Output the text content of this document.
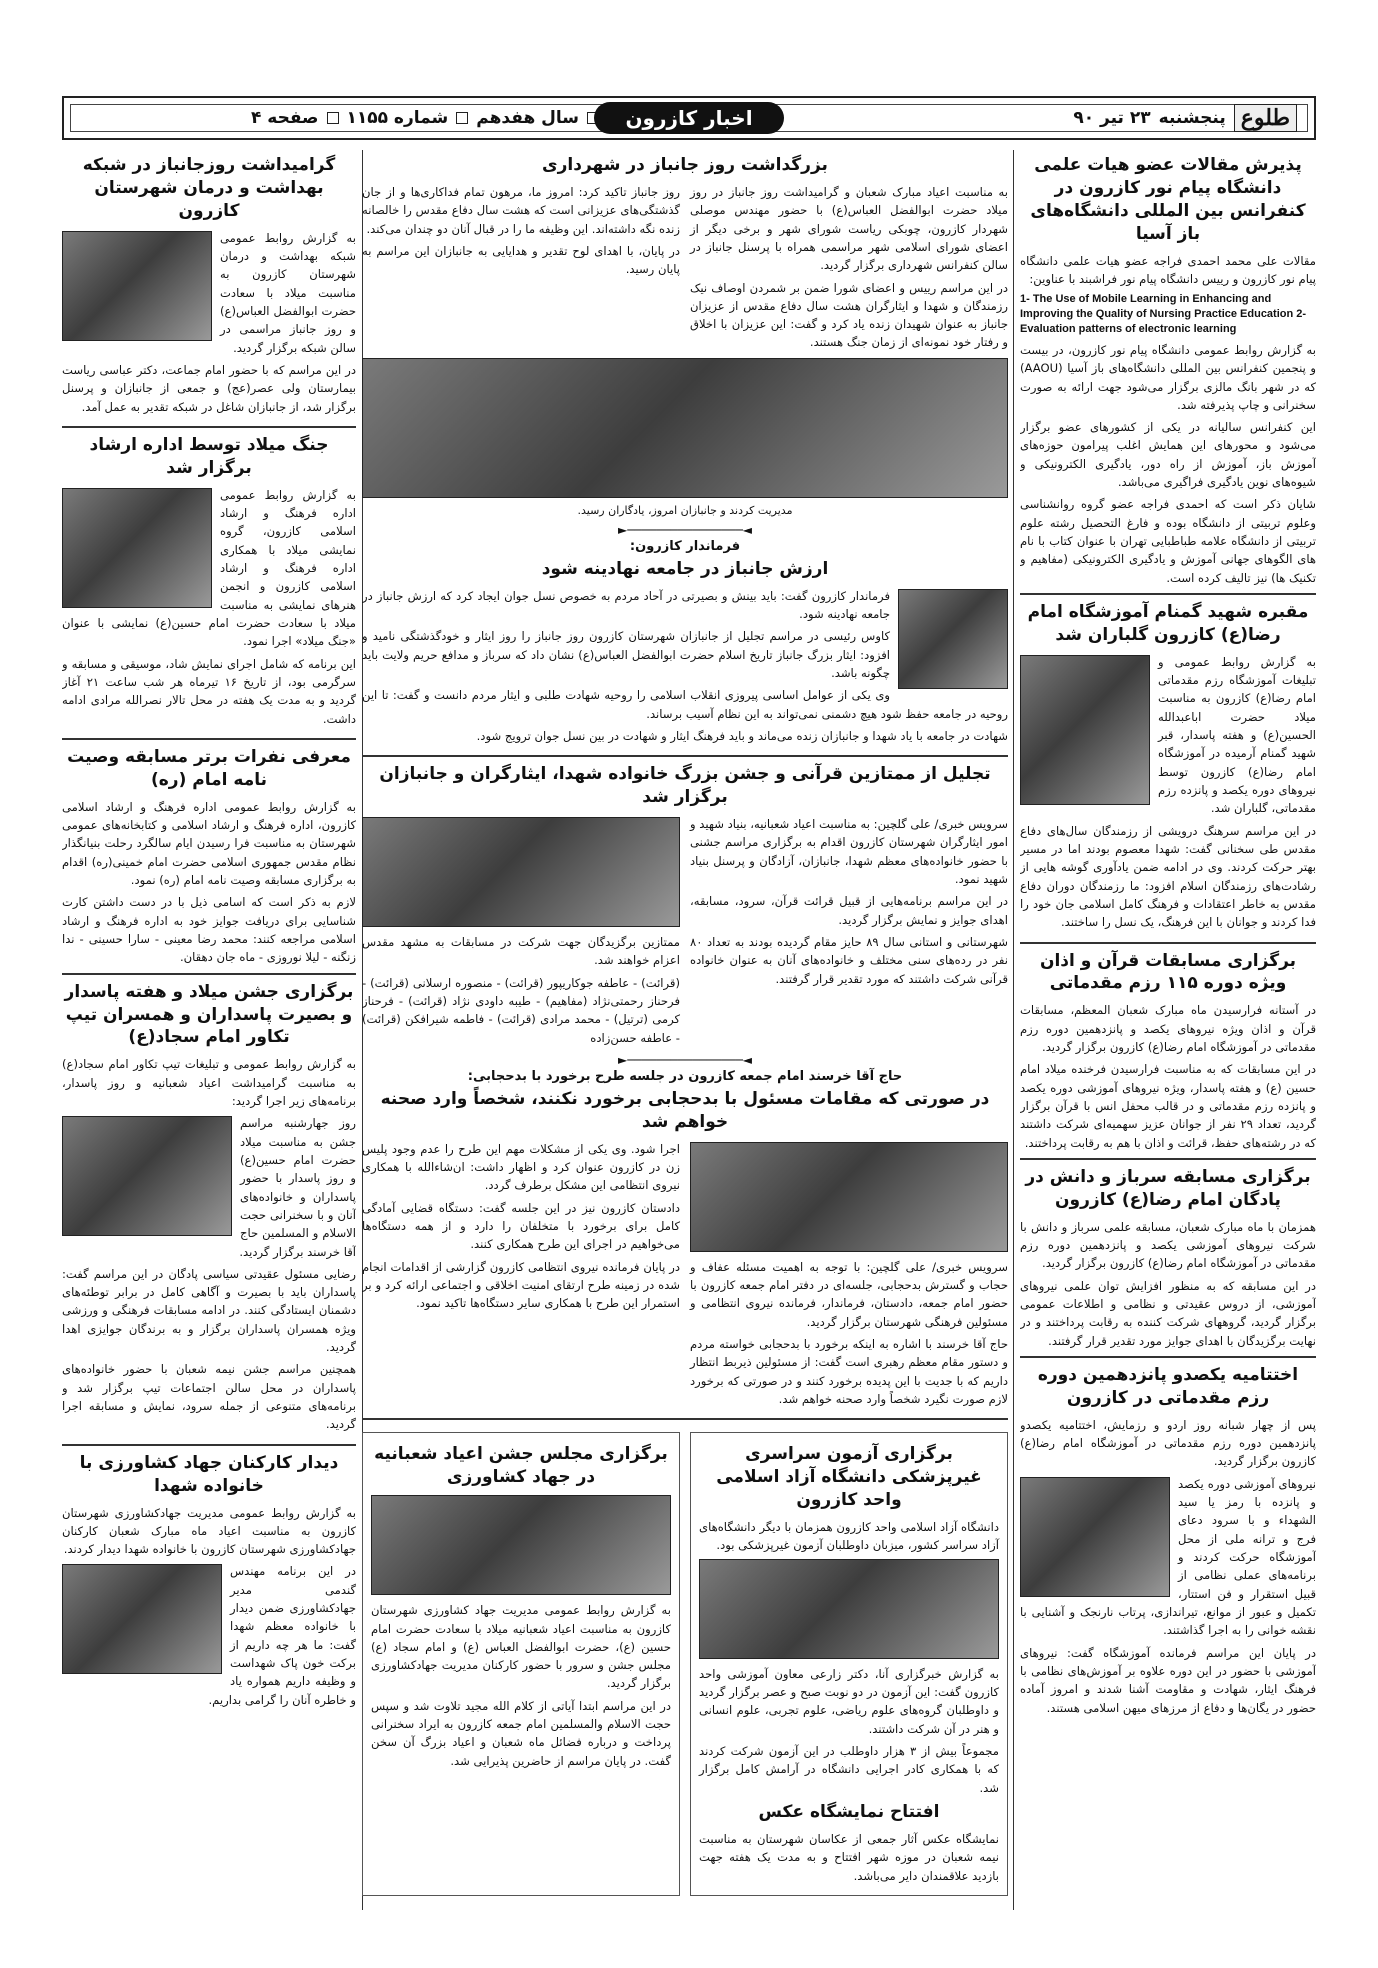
طلوع
پنجشنبه
۲۳ تیر ۹۰
سال هفدهم
شماره ۱۱۵۵
صفحه ۴	اخبار کازرون
پذیرش مقالات عضو هیات علمی دانشگاه پیام نور کازرون در کنفرانس بین المللی دانشگاه‌های باز آسیا

مقالات علی محمد احمدی فراجه عضو هیات علمی دانشگاه پیام نور کازرون و رییس دانشگاه پیام نور فراشبند با عناوین:

1- The Use of Mobile Learning in Enhancing and Improving the Quality of Nursing Practice Education 2-Evaluation patterns of electronic learning

به گزارش روابط عمومی دانشگاه پیام نور کازرون، در بیست و پنجمین کنفرانس بین المللی دانشگاه‌های باز آسیا (AAOU) که در شهر بانگ مالزی برگزار می‌شود جهت ارائه به صورت سخنرانی و چاپ پذیرفته شد.

این کنفرانس سالیانه در یکی از کشورهای عضو برگزار می‌شود و محورهای این همایش اغلب پیرامون حوزه‌های آموزش باز، آموزش از راه دور، یادگیری الکترونیکی و شیوه‌های نوین یادگیری فراگیری می‌باشد.

شایان ذکر است که احمدی فراجه عضو گروه روانشناسی وعلوم تربیتی از دانشگاه بوده و فارغ التحصیل رشته علوم تربیتی از دانشگاه علامه طباطبایی تهران با عنوان کتاب با نام های الگوهای جهانی آموزش و یادگیری الکترونیکی (مفاهیم و تکنیک ها) نیز تالیف کرده است.

مقبره شهید گمنام آموزشگاه امام رضا(ع) کازرون گلباران شد

به گزارش روابط عمومی و تبلیغات آموزشگاه رزم مقدماتی امام رضا(ع) کازرون به مناسبت میلاد حضرت اباعبدالله الحسین(ع) و هفته پاسدار، قبر شهید گمنام آرمیده در آموزشگاه امام رضا(ع) کازرون توسط نیروهای دوره یکصد و پانزده رزم مقدماتی، گلباران شد.

در این مراسم سرهنگ درویشی از رزمندگان سال‌های دفاع مقدس طی سخنانی گفت: شهدا معصوم بودند اما در مسیر بهتر حرکت کردند. وی در ادامه ضمن یادآوری گوشه هایی از رشادت‌های رزمندگان اسلام افزود: ما رزمندگان دوران دفاع مقدس به خاطر اعتقادات و فرهنگ کامل اسلامی جان خود را فدا کردند و جوانان با این فرهنگ، یک نسل را ساختند.

برگزاری مسابقات قرآن و اذان ویژه دوره ۱۱۵ رزم مقدماتی

در آستانه فرارسیدن ماه مبارک شعبان المعظم، مسابقات قرآن و اذان ویژه نیروهای یکصد و پانزدهمین دوره رزم مقدماتی در آموزشگاه امام رضا(ع) کازرون برگزار گردید.

در این مسابقات که به مناسبت فرارسیدن فرخنده میلاد امام حسین (ع) و هفته پاسدار، ویژه نیروهای آموزشی دوره یکصد و پانزده رزم مقدماتی و در قالب محفل انس با قرآن برگزار گردید، تعداد ۲۹ نفر از جوانان عزیز سهمیه‌ای شرکت داشتند که در رشته‌های حفظ، قرائت و اذان با هم به رقابت پرداختند.

برگزاری مسابقه سرباز و دانش در پادگان امام رضا(ع) کازرون

همزمان با ماه مبارک شعبان، مسابقه علمی سرباز و دانش با شرکت نیروهای آموزشی یکصد و پانزدهمین دوره رزم مقدماتی در آموزشگاه امام رضا(ع) کازرون برگزار گردید.

در این مسابقه که به منظور افزایش توان علمی نیروهای آموزشی، از دروس عقیدتی و نظامی و اطلاعات عمومی برگزار گردید، گروههای شرکت کننده به رقابت پرداختند و در نهایت برگزیدگان با اهدای جوایز مورد تقدیر قرار گرفتند.

اختتامیه یکصدو پانزدهمین دوره رزم مقدماتی در کازرون

پس از چهار شبانه روز اردو و رزمایش، اختتامیه یکصدو پانزدهمین دوره رزم مقدماتی در آموزشگاه امام رضا(ع) کازرون برگزار گردید.

نیروهای آموزشی دوره یکصد و پانزده با رمز یا سید الشهداء و با سرود دعای فرج و ترانه ملی از محل آموزشگاه حرکت کردند و برنامه‌های عملی نظامی از قبیل استقرار و فن استتار، تکمیل و عبور از موانع، تیراندازی، پرتاب نارنجک و آشنایی با نقشه خوانی را به اجرا گذاشتند.

در پایان این مراسم فرمانده آموزشگاه گفت: نیروهای آموزشی با حضور در این دوره علاوه بر آموزش‌های نظامی با فرهنگ ایثار، شهادت و مقاومت آشنا شدند و امروز آماده حضور در یگان‌ها و دفاع از مرزهای میهن اسلامی هستند.

بزرگداشت روز جانباز در شهرداری

به مناسبت اعیاد مبارک شعبان و گرامیداشت روز جانباز در روز میلاد حضرت ابوالفضل العباس(ع) با حضور مهندس موصلی شهردار کازرون، چوبکی ریاست شورای شهر و برخی دیگر از اعضای شورای اسلامی شهر مراسمی همراه با پرسنل جانباز در سالن کنفرانس شهرداری برگزار گردید.

در این مراسم رییس و اعضای شورا ضمن بر شمردن اوصاف نیک رزمندگان و شهدا و ایثارگران هشت سال دفاع مقدس از عزیزان جانباز به عنوان شهیدان زنده یاد کرد و گفت: این عزیزان با اخلاق و رفتار خود نمونه‌ای از زمان جنگ هستند.

روز جانباز تاکید کرد: امروز ما، مرهون تمام فداکاری‌ها و از جان گذشتگی‌های عزیزانی است که هشت سال دفاع مقدس را خالصانه زنده نگه داشته‌اند. این وظیفه ما را در قبال آنان دو چندان می‌کند.

در پایان، با اهدای لوح تقدیر و هدایایی به جانبازان این مراسم به پایان رسید.

مدیریت کردند و جانبازان امروز، یادگاران رسید.
◄────────────────►
فرماندار کازرون:
ارزش جانباز در جامعه نهادینه شود

فرماندار کازرون گفت: باید بینش و بصیرتی در آحاد مردم به خصوص نسل جوان ایجاد کرد که ارزش جانباز در جامعه نهادینه شود.

کاوس رئیسی در مراسم تجلیل از جانبازان شهرستان کازرون روز جانباز را روز ایثار و خودگذشتگی نامید و افزود: ایثار بزرگ جانباز تاریخ اسلام حضرت ابوالفضل العباس(ع) نشان داد که سرباز و مدافع حریم ولایت باید چگونه باشد.

وی یکی از عوامل اساسی پیروزی انقلاب اسلامی را روحیه شهادت طلبی و ایثار مردم دانست و گفت: تا این روحیه در جامعه حفظ شود هیچ دشمنی نمی‌تواند به این نظام آسیب برساند.

شهادت در جامعه با یاد شهدا و جانبازان زنده می‌ماند و باید فرهنگ ایثار و شهادت در بین نسل جوان ترویج شود.

تجلیل از ممتازین قرآنی و جشن بزرگ خانواده شهدا، ایثارگران و جانبازان برگزار شد

سرویس خبری/ علی گلچین: به مناسبت اعیاد شعبانیه، بنیاد شهید و امور ایثارگران شهرستان کازرون اقدام به برگزاری مراسم جشنی با حضور خانواده‌های معظم شهدا، جانبازان، آزادگان و پرسنل بنیاد شهید نمود.

در این مراسم برنامه‌هایی از قبیل قرائت قرآن، سرود، مسابقه، اهدای جوایز و نمایش برگزار گردید.

شهرستانی و استانی سال ۸۹ حایز مقام گردیده بودند به تعداد ۸۰ نفر در رده‌های سنی مختلف و خانواده‌های آنان به عنوان خانواده قرآنی شرکت داشتند که مورد تقدیر قرار گرفتند.

ممتازین برگزیدگان جهت شرکت در مسابقات به مشهد مقدس اعزام خواهند شد.

(قرائت) - عاطفه جوکاریپور (قرائت) - منصوره ارسلانی (قرائت) - فرحناز رحمتی‌نژاد (مفاهیم) - طیبه داودی نژاد (قرائت) - فرحناز کرمی (ترتیل) - محمد مرادی (قرائت) - فاطمه شیرافکن (قرائت) - عاطفه حسن‌زاده

◄────────────────►
حاج آقا خرسند امام جمعه کازرون در جلسه طرح برخورد با بدحجابی:
در صورتی که مقامات مسئول با بدحجابی برخورد نکنند، شخصاً وارد صحنه خواهم شد

سرویس خبری/ علی گلچین: با توجه به اهمیت مسئله عفاف و حجاب و گسترش بدحجابی، جلسه‌ای در دفتر امام جمعه کازرون با حضور امام جمعه، دادستان، فرماندار، فرمانده نیروی انتظامی و مسئولین فرهنگی شهرستان برگزار گردید.

حاج آقا خرسند با اشاره به اینکه برخورد با بدحجابی خواسته مردم و دستور مقام معظم رهبری است گفت: از مسئولین ذیربط انتظار داریم که با جدیت با این پدیده برخورد کنند و در صورتی که برخورد لازم صورت نگیرد شخصاً وارد صحنه خواهم شد.

اجرا شود. وی یکی از مشکلات مهم این طرح را عدم وجود پلیس زن در کازرون عنوان کرد و اظهار داشت: ان‌شاءالله با همکاری نیروی انتظامی این مشکل برطرف گردد.

دادستان کازرون نیز در این جلسه گفت: دستگاه قضایی آمادگی کامل برای برخورد با متخلفان را دارد و از همه دستگاه‌ها می‌خواهیم در اجرای این طرح همکاری کنند.

در پایان فرمانده نیروی انتظامی کازرون گزارشی از اقدامات انجام شده در زمینه طرح ارتقای امنیت اخلاقی و اجتماعی ارائه کرد و بر استمرار این طرح با همکاری سایر دستگاه‌ها تاکید نمود.

برگزاری آزمون سراسری غیرپزشکی دانشگاه آزاد اسلامی واحد کازرون

دانشگاه آزاد اسلامی واحد کازرون همزمان با دیگر دانشگاه‌های آزاد سراسر کشور، میزبان داوطلبان آزمون غیرپزشکی بود.

به گزارش خبرگزاری آنا، دکتر زارعی معاون آموزشی واحد کازرون گفت: این آزمون در دو نوبت صبح و عصر برگزار گردید و داوطلبان گروه‌های علوم ریاضی، علوم تجربی، علوم انسانی و هنر در آن شرکت داشتند.

مجموعاً بیش از ۳ هزار داوطلب در این آزمون شرکت کردند که با همکاری کادر اجرایی دانشگاه در آرامش کامل برگزار شد.

افتتاح نمایشگاه عکس

نمایشگاه عکس آثار جمعی از عکاسان شهرستان به مناسبت نیمه شعبان در موزه شهر افتتاح و به مدت یک هفته جهت بازدید علاقمندان دایر می‌باشد.

برگزاری مجلس جشن اعیاد شعبانیه در جهاد کشاورزی

به گزارش روابط عمومی مدیریت جهاد کشاورزی شهرستان کازرون به مناسبت اعیاد شعبانیه میلاد با سعادت حضرت امام حسین (ع)، حضرت ابوالفضل العباس (ع) و امام سجاد (ع) مجلس جشن و سرور با حضور کارکنان مدیریت جهادکشاورزی برگزار گردید.

در این مراسم ابتدا آیاتی از کلام الله مجید تلاوت شد و سپس حجت الاسلام والمسلمین امام جمعه کازرون به ایراد سخنرانی پرداخت و درباره فضائل ماه شعبان و اعیاد بزرگ آن سخن گفت. در پایان مراسم از حاضرین پذیرایی شد.

گرامیداشت روزجانباز در شبکه بهداشت و درمان شهرستان کازرون

به گزارش روابط عمومی شبکه بهداشت و درمان شهرستان کازرون به مناسبت میلاد با سعادت حضرت ابوالفضل العباس(ع) و روز جانباز مراسمی در سالن شبکه برگزار گردید.

در این مراسم که با حضور امام جماعت، دکتر عباسی ریاست بیمارستان ولی عصر(عج) و جمعی از جانبازان و پرسنل برگزار شد، از جانبازان شاغل در شبکه تقدیر به عمل آمد.

جنگ میلاد توسط اداره ارشاد برگزار شد

به گزارش روابط عمومی اداره فرهنگ و ارشاد اسلامی کازرون، گروه نمایشی میلاد با همکاری اداره فرهنگ و ارشاد اسلامی کازرون و انجمن هنرهای نمایشی به مناسبت میلاد با سعادت حضرت امام حسین(ع) نمایشی با عنوان «جنگ میلاد» اجرا نمود.

این برنامه که شامل اجرای نمایش شاد، موسیقی و مسابقه و سرگرمی بود، از تاریخ ۱۶ تیرماه هر شب ساعت ۲۱ آغاز گردید و به مدت یک هفته در محل تالار نصرالله مرادی ادامه داشت.

معرفی نفرات برتر مسابقه وصیت نامه امام (ره)

به گزارش روابط عمومی اداره فرهنگ و ارشاد اسلامی کازرون، اداره فرهنگ و ارشاد اسلامی و کتابخانه‌های عمومی شهرستان به مناسبت فرا رسیدن ایام سالگرد رحلت بنیانگذار نظام مقدس جمهوری اسلامی حضرت امام خمینی(ره) اقدام به برگزاری مسابقه وصیت نامه امام (ره) نمود.

لازم به ذکر است که اسامی ذیل با در دست داشتن کارت شناسایی برای دریافت جوایز خود به اداره فرهنگ و ارشاد اسلامی مراجعه کنند: محمد رضا معینی - سارا حسینی - ندا زنگنه - لیلا نوروزی - ماه جان دهقان.

برگزاری جشن میلاد و هفته پاسدار و بصیرت پاسداران و همسران تیپ تکاور امام سجاد(ع)

به گزارش روابط عمومی و تبلیغات تیپ تکاور امام سجاد(ع) به مناسبت گرامیداشت اعیاد شعبانیه و روز پاسدار، برنامه‌های زیر اجرا گردید:

روز جهارشنبه مراسم جشن به مناسبت میلاد حضرت امام حسین(ع) و روز پاسدار با حضور پاسداران و خانواده‌های آنان و با سخنرانی حجت الاسلام و المسلمین حاج آقا خرسند برگزار گردید.

رضایی مسئول عقیدتی سیاسی پادگان در این مراسم گفت: پاسداران باید با بصیرت و آگاهی کامل در برابر توطئه‌های دشمنان ایستادگی کنند. در ادامه مسابقات فرهنگی و ورزشی ویژه همسران پاسداران برگزار و به برندگان جوایزی اهدا گردید.

همچنین مراسم جشن نیمه شعبان با حضور خانواده‌های پاسداران در محل سالن اجتماعات تیپ برگزار شد و برنامه‌های متنوعی از جمله سرود، نمایش و مسابقه اجرا گردید.

دیدار کارکنان جهاد کشاورزی با خانواده شهدا

به گزارش روابط عمومی مدیریت جهادکشاورزی شهرستان کازرون به مناسبت اعیاد ماه مبارک شعبان کارکنان جهادکشاورزی شهرستان کازرون با خانواده شهدا دیدار کردند.

در این برنامه مهندس گندمی مدیر جهادکشاورزی ضمن دیدار با خانواده معظم شهدا گفت: ما هر چه داریم از برکت خون پاک شهداست و وظیفه داریم همواره یاد و خاطره آنان را گرامی بداریم.
